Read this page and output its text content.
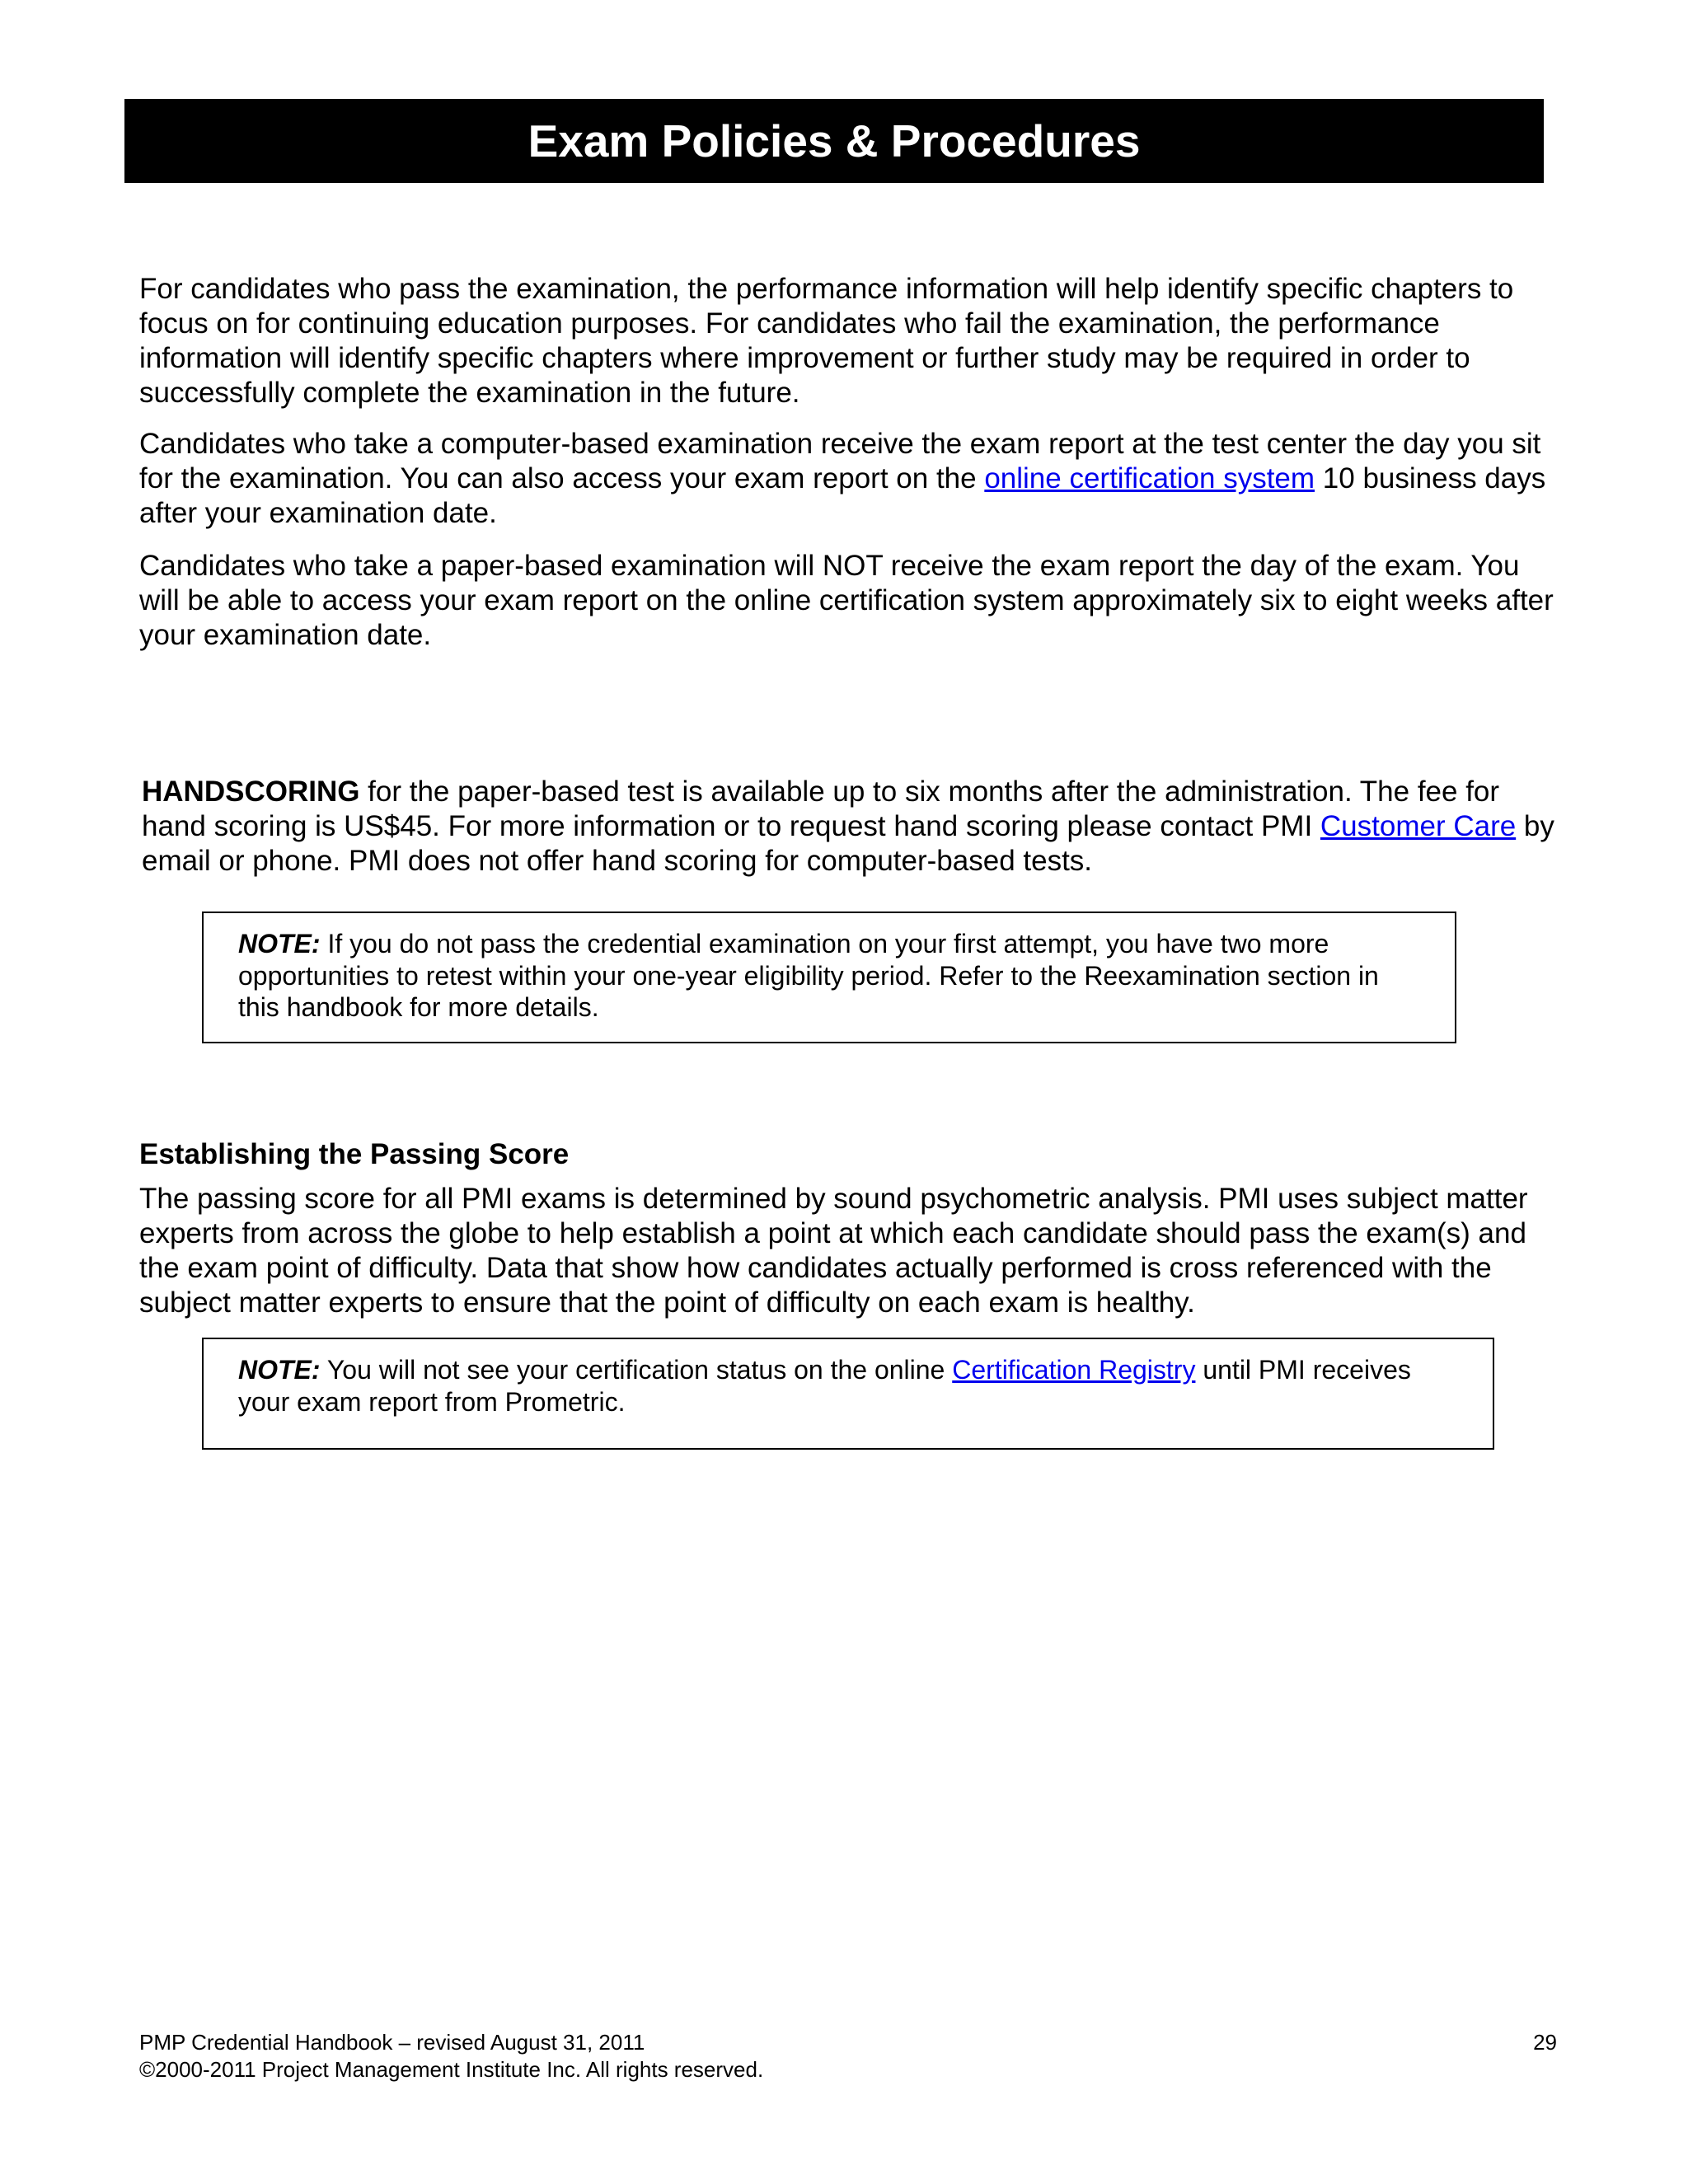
Exam Policies & Procedures

For candidates who pass the examination, the performance information will help identify specific chapters to focus on for continuing education purposes. For candidates who fail the examination, the performance information will identify specific chapters where improvement or further study may be required in order to successfully complete the examination in the future.

Candidates who take a computer-based examination receive the exam report at the test center the day you sit for the examination. You can also access your exam report on the online certification system 10 business days after your examination date.

Candidates who take a paper-based examination will NOT receive the exam report the day of the exam. You will be able to access your exam report on the online certification system approximately six to eight weeks after your examination date.

HANDSCORING for the paper-based test is available up to six months after the administration. The fee for hand scoring is US$45. For more information or to request hand scoring please contact PMI Customer Care by email or phone. PMI does not offer hand scoring for computer-based tests.

NOTE: If you do not pass the credential examination on your first attempt, you have two more opportunities to retest within your one-year eligibility period. Refer to the Reexamination section in this handbook for more details.
Establishing the Passing Score

The passing score for all PMI exams is determined by sound psychometric analysis. PMI uses subject matter experts from across the globe to help establish a point at which each candidate should pass the exam(s) and the exam point of difficulty. Data that show how candidates actually performed is cross referenced with the subject matter experts to ensure that the point of difficulty on each exam is healthy.

NOTE: You will not see your certification status on the online Certification Registry until PMI receives your exam report from Prometric.
PMP Credential Handbook – revised August 31, 2011
©2000-2011 Project Management Institute Inc. All rights reserved.
29
